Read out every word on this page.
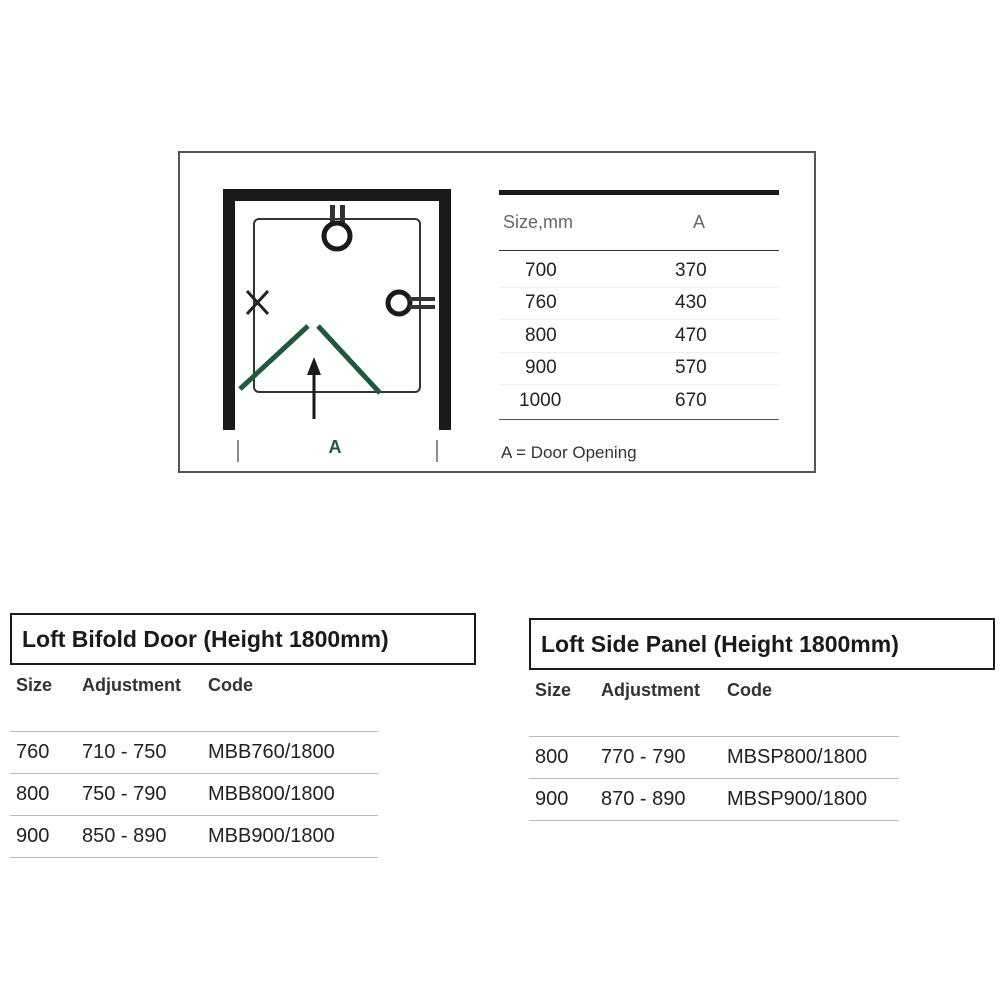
A
Size,mm	A
700	370
760	430
800	470
900	570
1000	670
A = Door Opening
Loft Bifold Door (Height 1800mm)
Size	Adjustment	Code
760	710 - 750	MBB760/1800
800	750 - 790	MBB800/1800
900	850 - 890	MBB900/1800
Loft Side Panel (Height 1800mm)
Size	Adjustment	Code
800	770 - 790	MBSP800/1800
900	870 - 890	MBSP900/1800
